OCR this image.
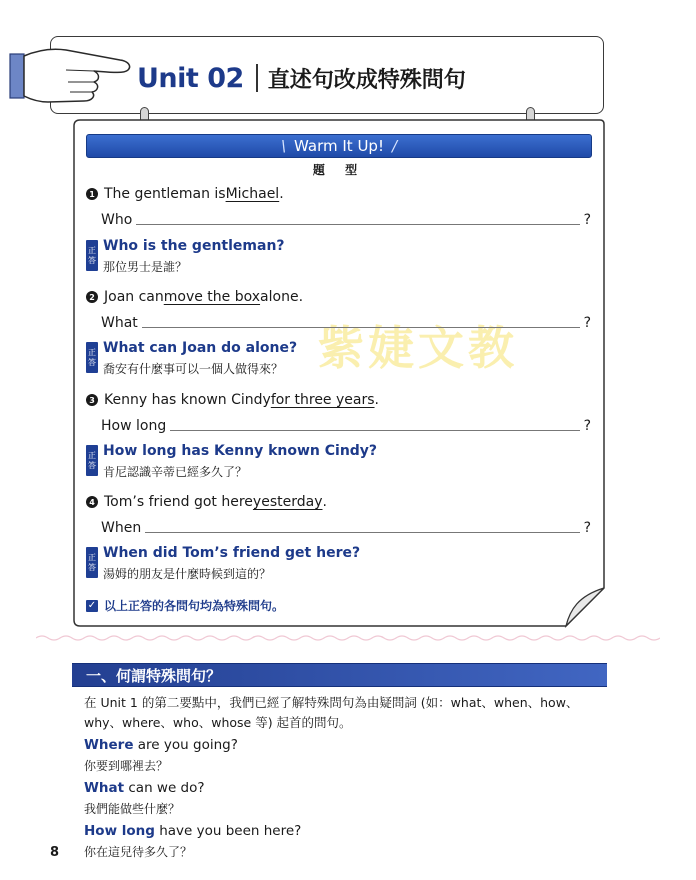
Unit 02 直述句改成特殊問句
紫婕文教
\ Warm It Up! /
題 型
1 The gentleman is Michael .
Who	?
正
答
Who is the gentleman?
那位男士是誰？
2 Joan can move the box alone.
What	?
正
答
What can Joan do alone?
喬安有什麼事可以一個人做得來？
3 Kenny has known Cindy for three years .
How long	?
正
答
How long has Kenny known Cindy?
肯尼認識辛蒂已經多久了？
4 Tom’s friend got here yesterday .
When	?
正
答
When did Tom’s friend get here?
湯姆的朋友是什麼時候到這的？
✓ 以上正答的各問句均為特殊問句。
一、何謂特殊問句？
在 Unit 1 的第二要點中，我們已經了解特殊問句為由疑問詞 (如：what、when、how、why、where、who、whose 等) 起首的問句。
Where are you going?
你要到哪裡去？
What can we do?
我們能做些什麼？
How long have you been here?
你在這兒待多久了？
8
